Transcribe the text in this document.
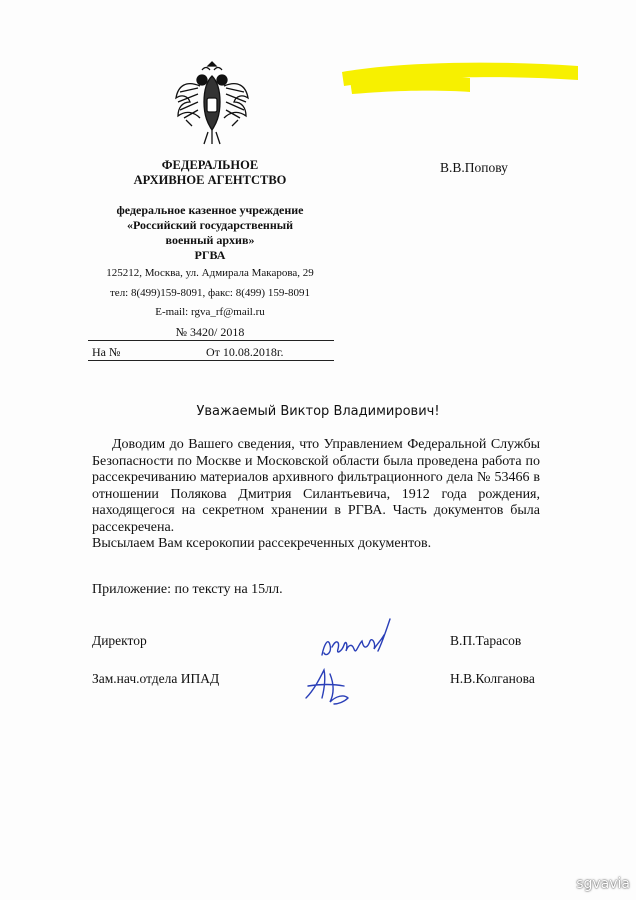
ФЕДЕРАЛЬНОЕ
АРХИВНОЕ АГЕНТСТВО
федеральное казенное учреждение
«Российский государственный
военный архив»
РГВА
125212, Москва, ул. Адмирала Макарова, 29
тел: 8(499)159-8091, факс: 8(499) 159-8091
E-mail: rgva_rf@mail.ru
№ 3420/ 2018
На №	От 10.08.2018г.
В.В.Попову
Уважаемый Виктор Владимирович!

Доводим до Вашего сведения, что Управлением Федеральной Службы Безопасности по Москве и Московской области была проведена работа по рассекречиванию материалов архивного фильтрационного дела № 53466 в отношении Полякова Дмитрия Силантьевича, 1912 года рождения, находящегося на секретном хранении в РГВА. Часть документов была рассекречена.

Высылаем Вам ксерокопии рассекреченных документов.

Приложение: по тексту на 15лл.
Директор	В.П.Тарасов
Зам.нач.отдела ИПАД	Н.В.Колганова
sgvavia
